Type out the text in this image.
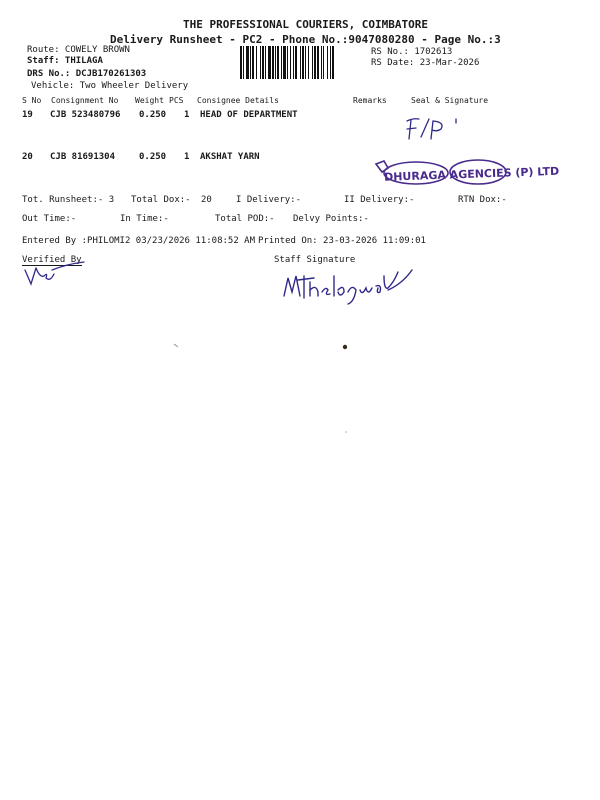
THE PROFESSIONAL COURIERS, COIMBATORE
Delivery Runsheet - PC2 - Phone No.:9047080280 - Page No.:3
Route: COWELY BROWN
Staff: THILAGA
DRS No.: DCJB170261303
Vehicle: Two Wheeler Delivery
RS No.: 1702613
RS Date: 23-Mar-2026
S No Consignment No Weight PCS Consignee Details	Remarks	Seal & Signature
19 CJB 523480796 0.250 1 HEAD OF DEPARTMENT
20 CJB 81691304	0.250 1 AKSHAT YARN
DHURAGA AGENCIES (P) LTD
Tot. Runsheet:- 3 Total Dox:- 20	I Delivery:-	II Delivery:-	RTN Dox:-
Out Time:-	In Time:-	Total POD:- Delvy Points:-
Entered By :PHILOMI2 03/23/2026 11:08:52 AM Printed On: 23-03-2026 11:09:01
Verified By	Staff Signature
